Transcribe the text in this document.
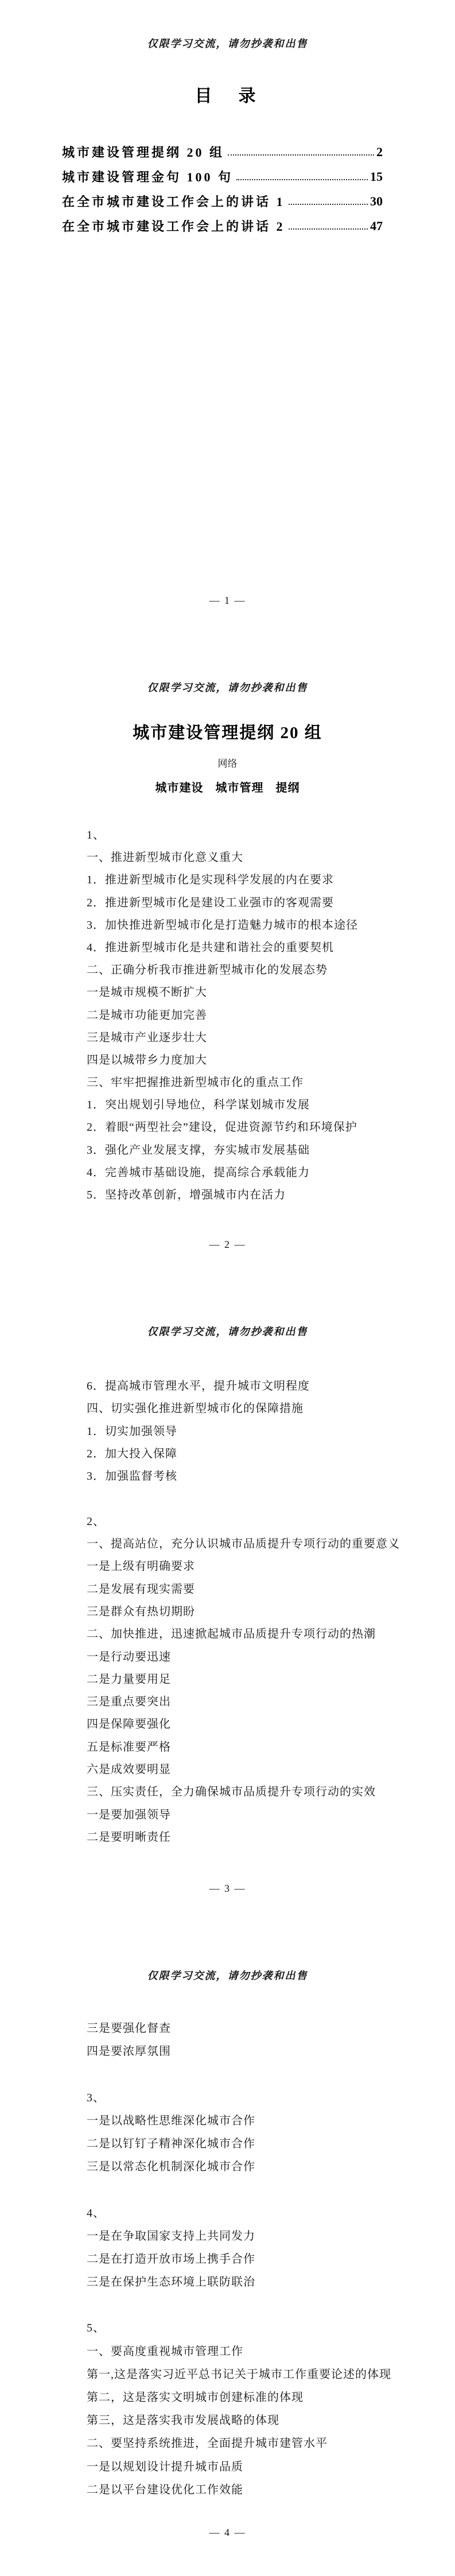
仅限学习交流，请勿抄袭和出售
目　录
城市建设管理提纲 20 组	2
城市建设管理金句 100 句	15
在全市城市建设工作会上的讲话 1	30
在全市城市建设工作会上的讲话 2	47
— 1 —
仅限学习交流，请勿抄袭和出售
城市建设管理提纲 20 组
网络
城市建设　城市管理　提纲
1、
一、推进新型城市化意义重大
1．推进新型城市化是实现科学发展的内在要求
2．推进新型城市化是建设工业强市的客观需要
3．加快推进新型城市化是打造魅力城市的根本途径
4．推进新型城市化是共建和谐社会的重要契机
二、正确分析我市推进新型城市化的发展态势
一是城市规模不断扩大
二是城市功能更加完善
三是城市产业逐步壮大
四是以城带乡力度加大
三、牢牢把握推进新型城市化的重点工作
1．突出规划引导地位，科学谋划城市发展
2．着眼“两型社会”建设，促进资源节约和环境保护
3．强化产业发展支撑，夯实城市发展基础
4．完善城市基础设施，提高综合承载能力
5．坚持改革创新，增强城市内在活力
— 2 —
仅限学习交流，请勿抄袭和出售
6．提高城市管理水平，提升城市文明程度
四、切实强化推进新型城市化的保障措施
1．切实加强领导
2．加大投入保障
3．加强监督考核
2、
一、提高站位，充分认识城市品质提升专项行动的重要意义
一是上级有明确要求
二是发展有现实需要
三是群众有热切期盼
二、加快推进，迅速掀起城市品质提升专项行动的热潮
一是行动要迅速
二是力量要用足
三是重点要突出
四是保障要强化
五是标准要严格
六是成效要明显
三、压实责任，全力确保城市品质提升专项行动的实效
一是要加强领导
二是要明晰责任
— 3 —
仅限学习交流，请勿抄袭和出售
三是要强化督查
四是要浓厚氛围
3、
一是以战略性思维深化城市合作
二是以钉钉子精神深化城市合作
三是以常态化机制深化城市合作
4、
一是在争取国家支持上共同发力
二是在打造开放市场上携手合作
三是在保护生态环境上联防联治
5、
一、要高度重视城市管理工作
第一,这是落实习近平总书记关于城市工作重要论述的体现
第二，这是落实文明城市创建标准的体现
第三，这是落实我市发展战略的体现
二、要坚持系统推进，全面提升城市建管水平
一是以规划设计提升城市品质
二是以平台建设优化工作效能
— 4 —
